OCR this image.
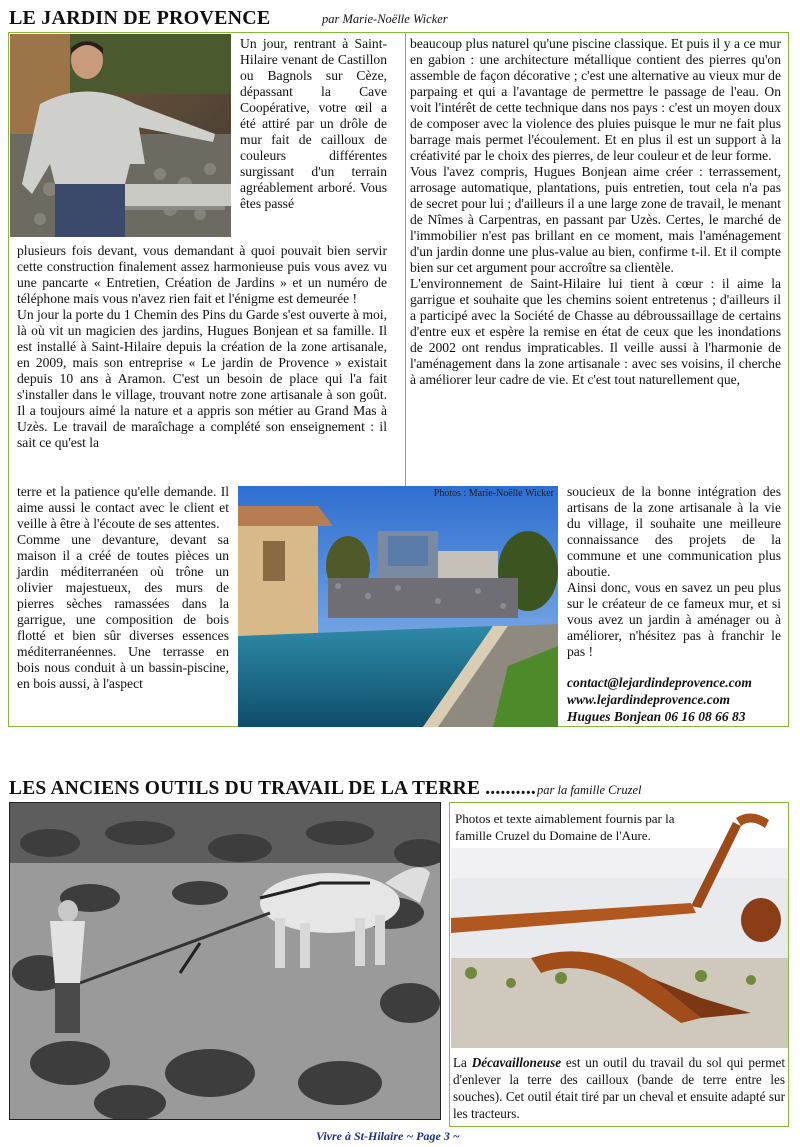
LE JARDIN DE PROVENCE	par Marie-Noëlle Wicker

Un jour, rentrant à Saint-Hilaire venant de Castillon ou Bagnols sur Cèze, dépassant la Cave Coopérative, votre œil a été attiré par un drôle de mur fait de cailloux de couleurs différentes surgissant d'un terrain agréablement arboré. Vous êtes passé

plusieurs fois devant, vous demandant à quoi pouvait bien servir cette construction finalement assez harmonieuse puis vous avez vu une pancarte « Entretien, Création de Jardins » et un numéro de téléphone mais vous n'avez rien fait et l'énigme est demeurée !

Un jour la porte du 1 Chemin des Pins du Garde s'est ouverte à moi, là où vit un magicien des jardins, Hugues Bonjean et sa famille. Il est installé à Saint-Hilaire depuis la création de la zone artisanale, en 2009, mais son entreprise « Le jardin de Provence » existait depuis 10 ans à Aramon. C'est un besoin de place qui l'a fait s'installer dans le village, trouvant notre zone artisanale à son goût. Il a toujours aimé la nature et a appris son métier au Grand Mas à Uzès. Le travail de maraîchage a complété son enseignement : il sait ce qu'est la

terre et la patience qu'elle demande. Il aime aussi le contact avec le client et veille à être à l'écoute de ses attentes.

Comme une devanture, devant sa maison il a créé de toutes pièces un jardin méditerranéen où trône un olivier majestueux, des murs de pierres sèches ramassées dans la garrigue, une composition de bois flotté et bien sûr diverses essences méditerranéennes. Une terrasse en bois nous conduit à un bassin-piscine, en bois aussi, à l'aspect

beaucoup plus naturel qu'une piscine classique. Et puis il y a ce mur en gabion : une architecture métallique contient des pierres qu'on assemble de façon décorative ; c'est une alternative au vieux mur de parpaing et qui a l'avantage de permettre le passage de l'eau. On voit l'intérêt de cette technique dans nos pays : c'est un moyen doux de composer avec la violence des pluies puisque le mur ne fait plus barrage mais permet l'écoulement. Et en plus il est un support à la créativité par le choix des pierres, de leur couleur et de leur forme.

Vous l'avez compris, Hugues Bonjean aime créer : terrassement, arrosage automatique, plantations, puis entretien, tout cela n'a pas de secret pour lui ; d'ailleurs il a une large zone de travail, le menant de Nîmes à Carpentras, en passant par Uzès. Certes, le marché de l'immobilier n'est pas brillant en ce moment, mais l'aménagement d'un jardin donne une plus-value au bien, confirme t-il. Et il compte bien sur cet argument pour accroître sa clientèle.

L'environnement de Saint-Hilaire lui tient à cœur : il aime la garrigue et souhaite que les chemins soient entretenus ; d'ailleurs il a participé avec la Société de Chasse au débroussaillage de certains d'entre eux et espère la remise en état de ceux que les inondations de 2002 ont rendus impraticables. Il veille aussi à l'harmonie de l'aménagement dans la zone artisanale : avec ses voisins, il cherche à améliorer leur cadre de vie. Et c'est tout naturellement que,

Photos : Marie-Noëlle Wicker soucieux de la bonne intégration des artisans de la zone artisanale à la vie du village, il souhaite une meilleure connaissance des projets de la commune et une communication plus aboutie.

Ainsi donc, vous en savez un peu plus sur le créateur de ce fameux mur, et si vous avez un jardin à aménager ou à améliorer, n'hésitez pas à franchir le pas !

contact@lejardindeprovence.com
www.lejardindeprovence.com
Hugues Bonjean 06 16 08 66 83
LES ANCIENS OUTILS DU TRAVAIL DE LA TERRE .......... par la famille Cruzel
Photos et texte aimablement fournis par la famille Cruzel du Domaine de l'Aure.
La Décavailloneuse est un outil du travail du sol qui permet d'enlever la terre des cailloux (bande de terre entre les souches). Cet outil était tiré par un cheval et ensuite adapté sur les tracteurs.
Vivre à St-Hilaire ~ Page 3 ~
